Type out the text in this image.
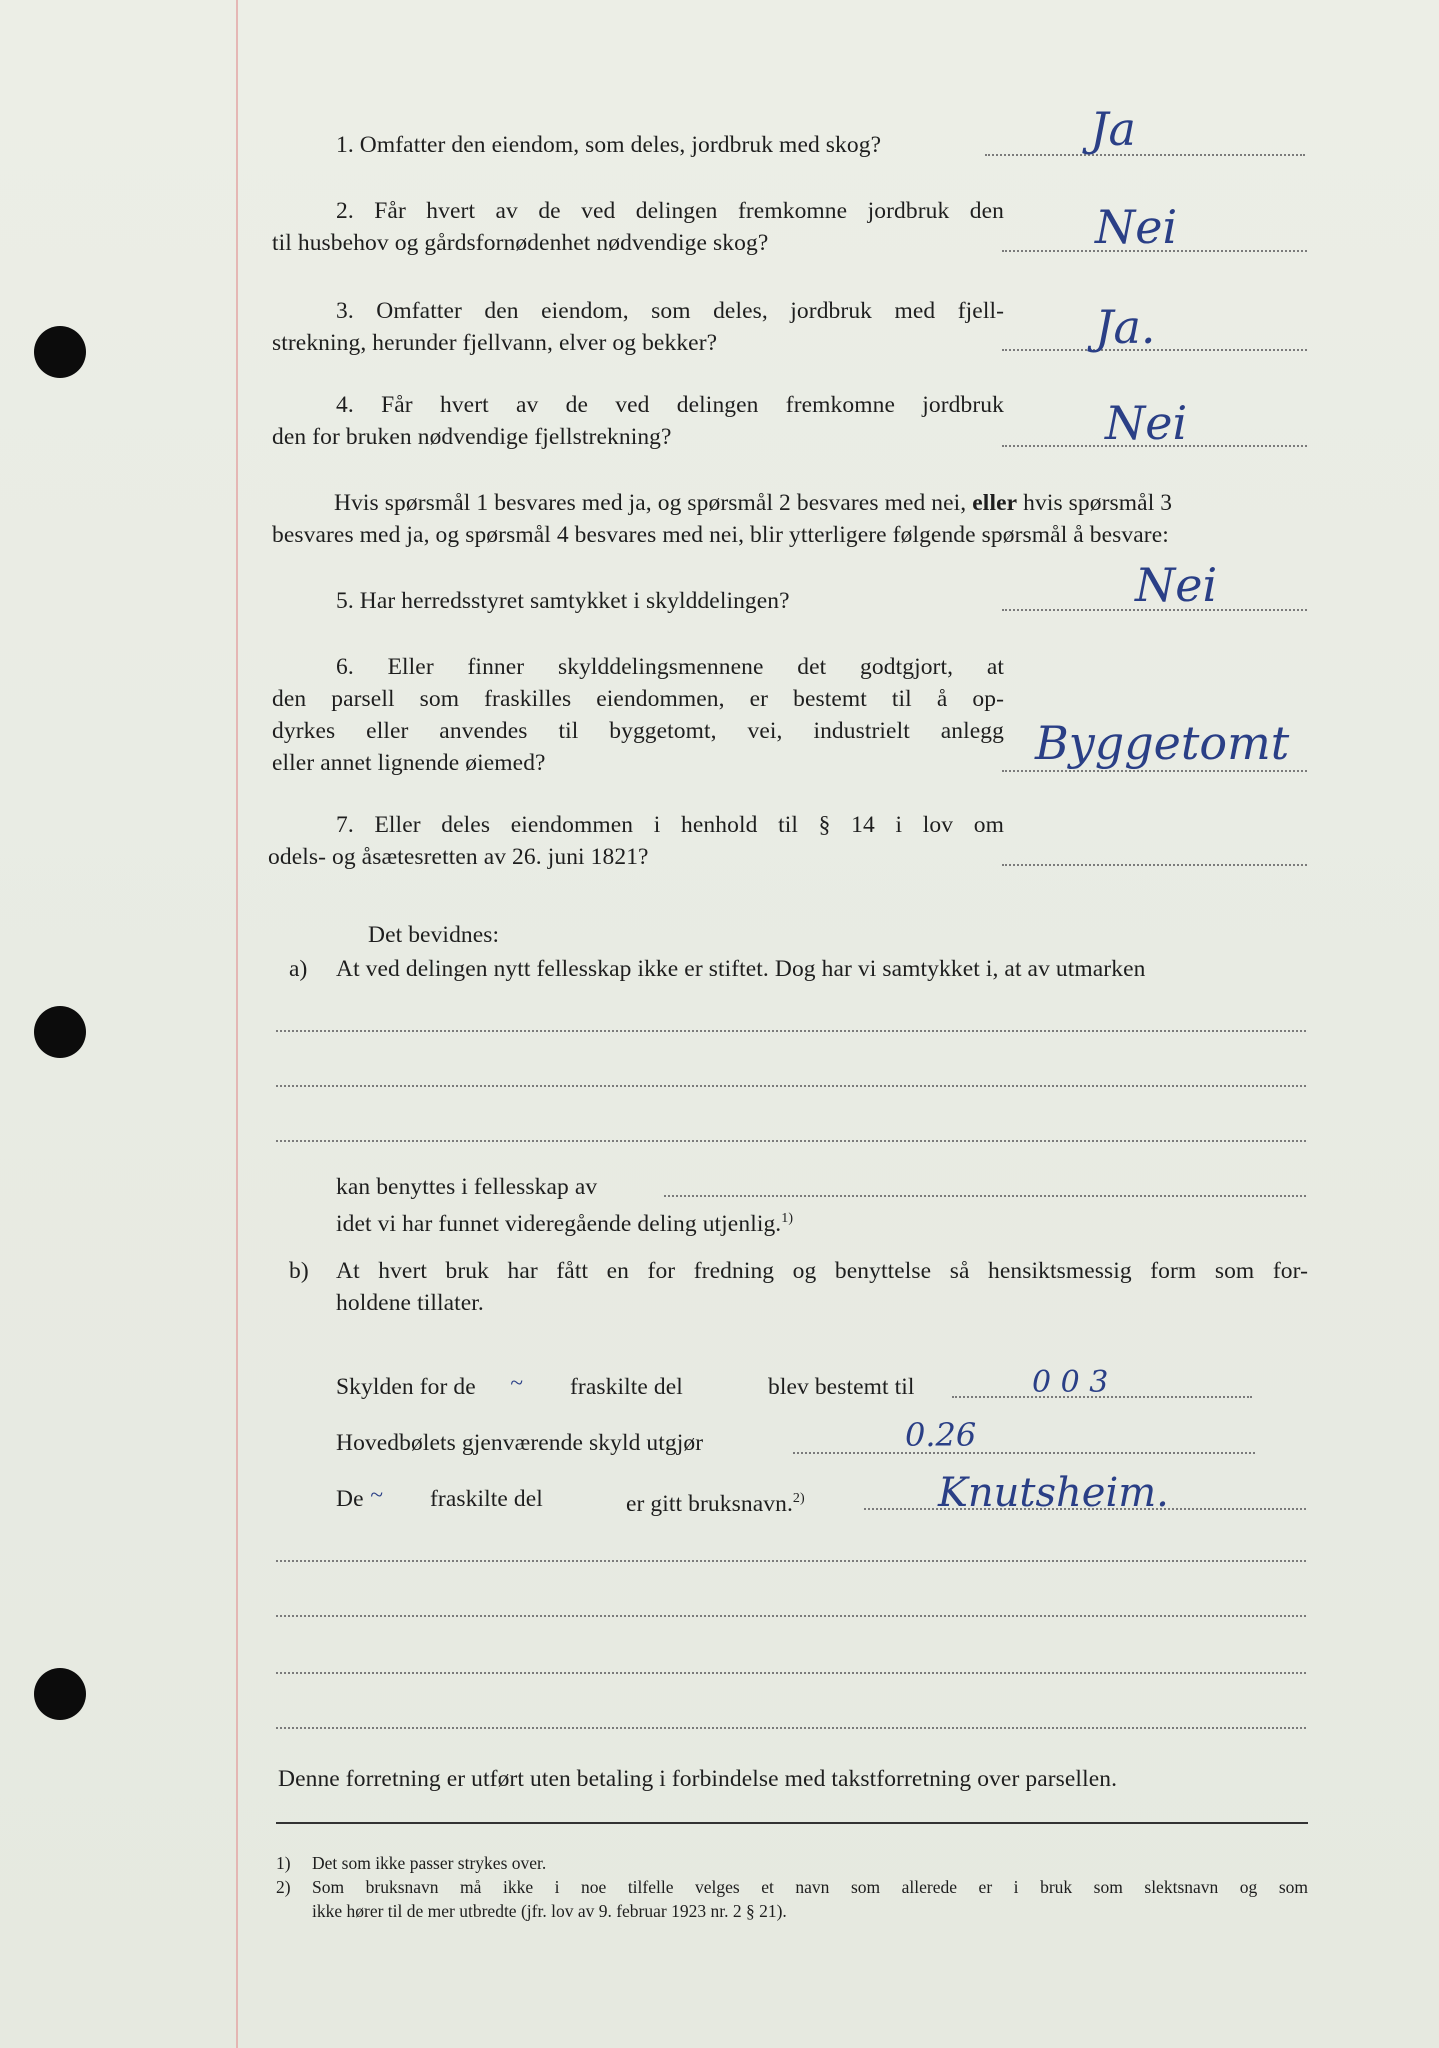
1. Omfatter den eiendom, som deles, jordbruk med skog?	Ja
2. Får hvert av de ved delingen fremkomne jordbruk den
til husbehov og gårdsfornødenhet nødvendige skog?	Nei
3. Omfatter den eiendom, som deles, jordbruk med fjell-
strekning, herunder fjellvann, elver og bekker?	Ja.
4. Får hvert av de ved delingen fremkomne jordbruk
den for bruken nødvendige fjellstrekning?	Nei
Hvis spørsmål 1 besvares med ja, og spørsmål 2 besvares med nei, eller hvis spørsmål 3
besvares med ja, og spørsmål 4 besvares med nei, blir ytterligere følgende spørsmål å besvare:
5. Har herredsstyret samtykket i skylddelingen?	Nei
6. Eller finner skylddelingsmennene det godtgjort, at
den parsell som fraskilles eiendommen, er bestemt til å op-
dyrkes eller anvendes til byggetomt, vei, industrielt anlegg
eller annet lignende øiemed?	Byggetomt
7. Eller deles eiendommen i henhold til § 14 i lov om
odels- og åsætesretten av 26. juni 1821?
Det bevidnes:
a) At ved delingen nytt fellesskap ikke er stiftet. Dog har vi samtykket i, at av utmarken
kan benyttes i fellesskap av
idet vi har funnet videregående deling utjenlig.$^{1)}$
b) At hvert bruk har fått en for fredning og benyttelse så hensiktsmessig form som for-
holdene tillater.
Skylden for de ~ fraskilte del	blev bestemt til	0 0 3
Hovedbølets gjenværende skyld utgjør	0.26
De ~ fraskilte del	er gitt bruksnavn.$^{2)}$	Knutsheim.
Denne forretning er utført uten betaling i forbindelse med takstforretning over parsellen.
1) Det som ikke passer strykes over.
2) Som bruksnavn må ikke i noe tilfelle velges et navn som allerede er i bruk som slektsnavn og som
ikke hører til de mer utbredte (jfr. lov av 9. februar 1923 nr. 2 § 21).
